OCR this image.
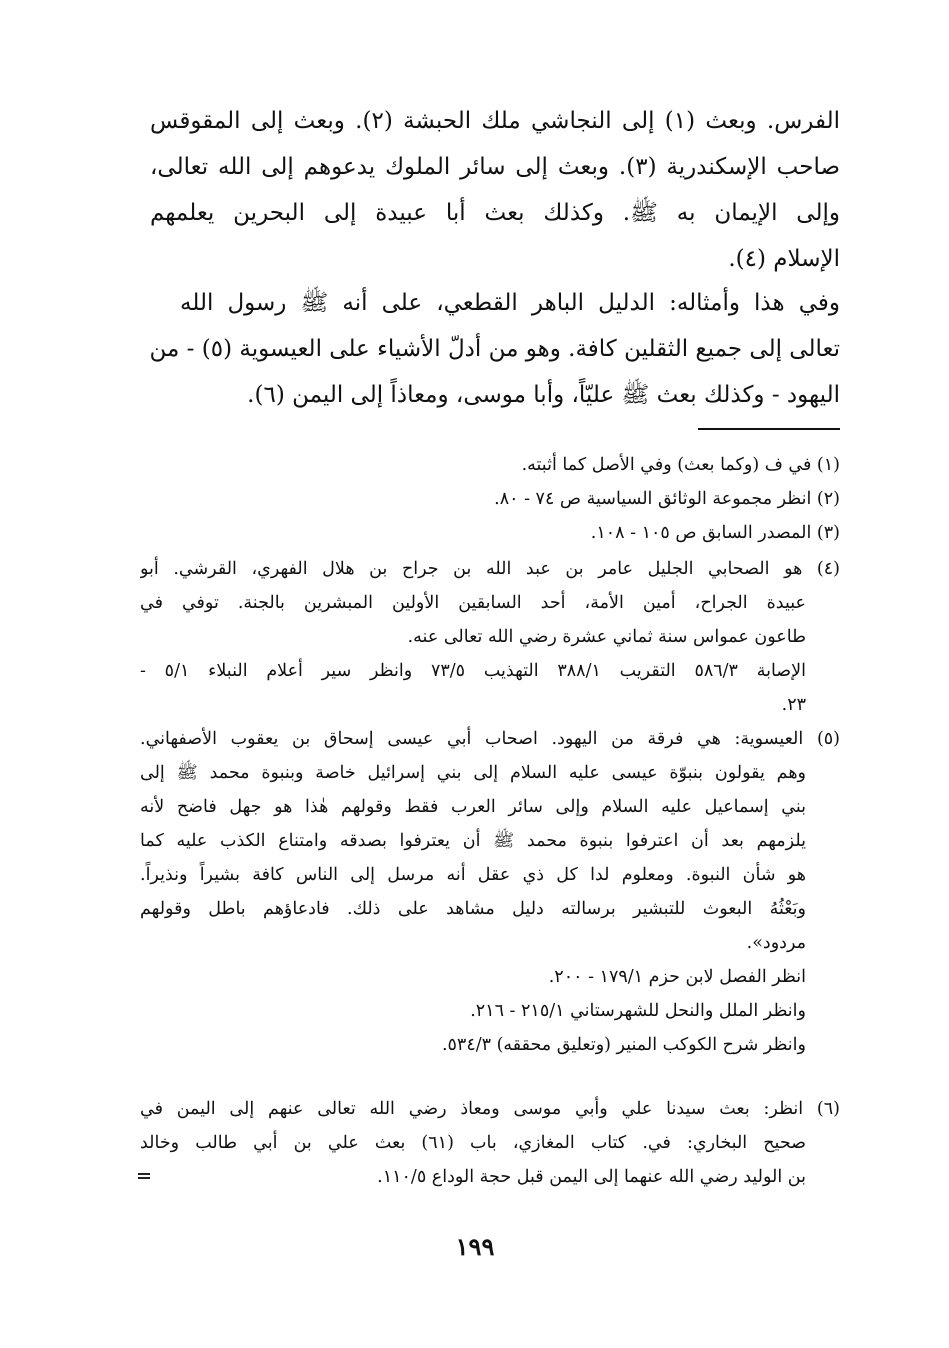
الفرس. وبعث (١) إلى النجاشي ملك الحبشة (٢). وبعث إلى المقوقس
صاحب الإسكندرية (٣). وبعث إلى سائر الملوك يدعوهم إلى الله تعالى،
وإلى الإيمان به ﷺ. وكذلك بعث أبا عبيدة إلى البحرين يعلمهم
الإسلام (٤).
وفي هذا وأمثاله: الدليل الباهر القطعي، على أنه ﷺ رسول الله
تعالى إلى جميع الثقلين كافة. وهو من أدلّ الأشياء على العيسوية (٥) - من
اليهود - وكذلك بعث ﷺ عليّاً، وأبا موسى، ومعاذاً إلى اليمن (٦).
(١) في ف (وكما بعث) وفي الأصل كما أثبته.
(٢) انظر مجموعة الوثائق السياسية ص ٧٤ - ٨٠.
(٣) المصدر السابق ص ١٠٥ - ١٠٨.
(٤) هو الصحابي الجليل عامر بن عبد الله بن جراح بن هلال الفهري، القرشي. أبو
عبيدة الجراح، أمين الأمة، أحد السابقين الأولين المبشرين بالجنة. توفي في
طاعون عمواس سنة ثماني عشرة رضي الله تعالى عنه.
الإصابة ٥٨٦/٣ التقريب ٣٨٨/١ التهذيب ٧٣/٥ وانظر سير أعلام النبلاء ٥/١ -
٢٣.
(٥) العيسوية: هي فرقة من اليهود. اصحاب أبي عيسى إسحاق بن يعقوب الأصفهاني.
وهم يقولون بنبوّة عيسى عليه السلام إلى بني إسرائيل خاصة وبنبوة محمد ﷺ إلى
بني إسماعيل عليه السلام وإلى سائر العرب فقط وقولهم هٰذا هو جهل فاضح لأنه
يلزمهم بعد أن اعترفوا بنبوة محمد ﷺ أن يعترفوا بصدقه وامتناع الكذب عليه كما
هو شأن النبوة. ومعلوم لدا كل ذي عقل أنه مرسل إلى الناس كافة بشيراً ونذيراً.
وبَعْثُهُ البعوث للتبشير برسالته دليل مشاهد على ذلك. فادعاؤهم باطل وقولهم
مردود».
انظر الفصل لابن حزم ١٧٩/١ - ٢٠٠.
وانظر الملل والنحل للشهرستاني ٢١٥/١ - ٢١٦.
وانظر شرح الكوكب المنير (وتعليق محققه) ٥٣٤/٣.
(٦) انظر: بعث سيدنا علي وأبي موسى ومعاذ رضي الله تعالى عنهم إلى اليمن في
صحيح البخاري: في. كتاب المغازي، باب (٦١) بعث علي بن أبي طالب وخالد
بن الوليد رضي الله عنهما إلى اليمن قبل حجة الوداع ١١٠/٥.
١٩٩
